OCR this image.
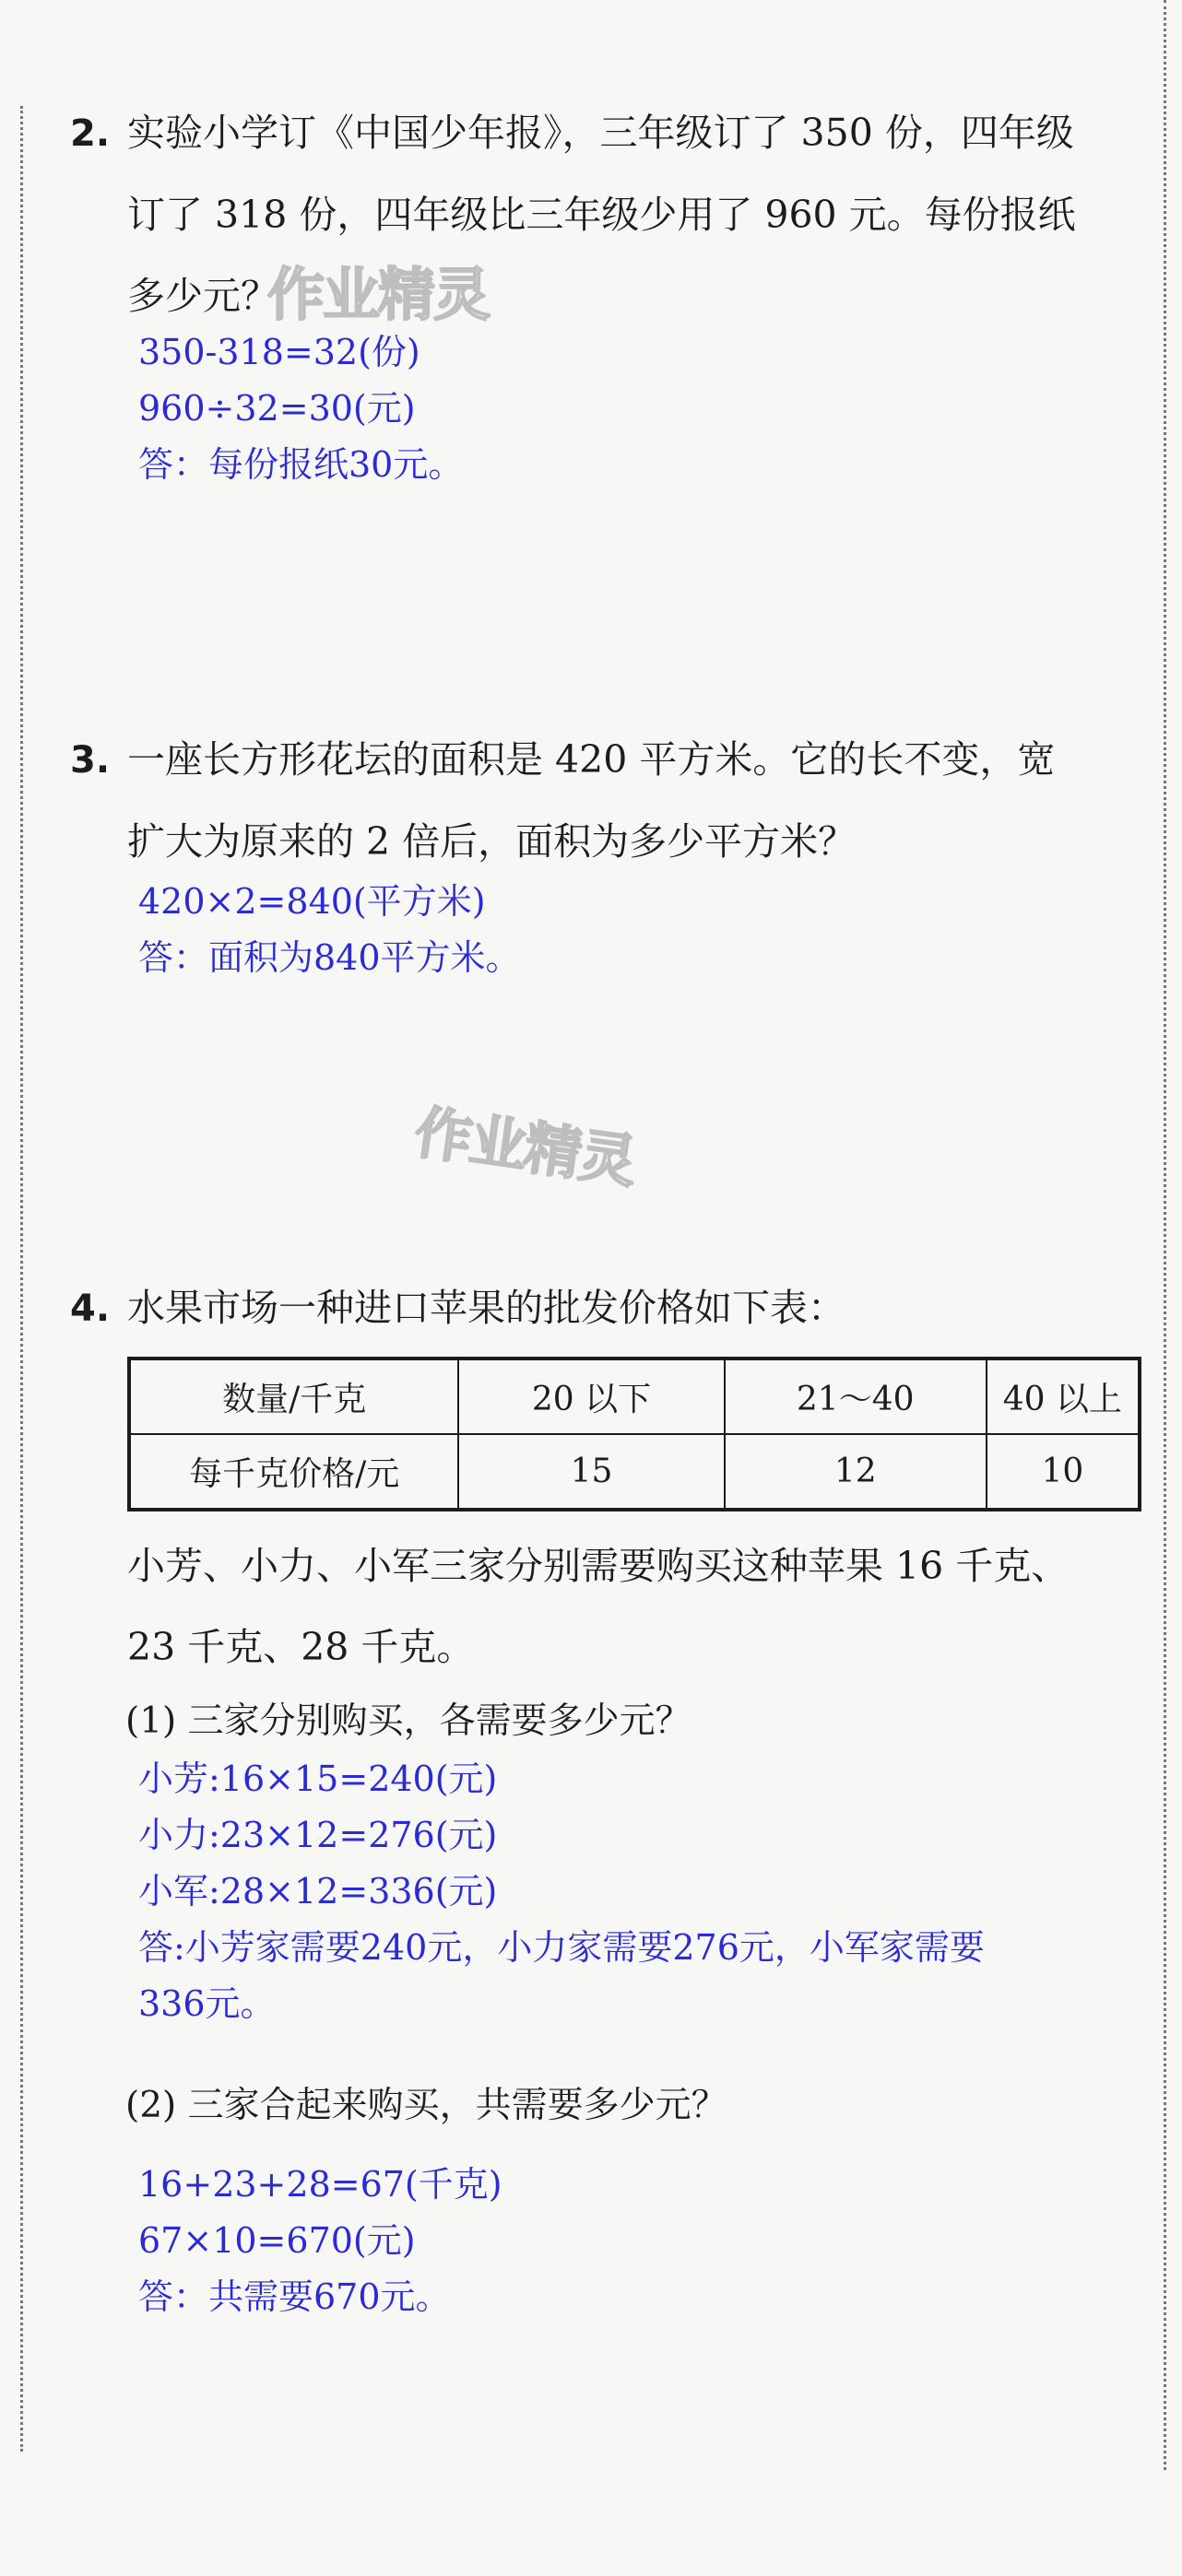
2. 实验小学订《中国少年报》，三年级订了 350 份，四年级
订了 318 份，四年级比三年级少用了 960 元。每份报纸
多少元？
作业精灵
350-318=32(份)
960÷32=30(元)
答：每份报纸30元。
3. 一座长方形花坛的面积是 420 平方米。它的长不变，宽
扩大为原来的 2 倍后，面积为多少平方米？
420×2=840(平方米)
答：面积为840平方米。
作业精灵
4. 水果市场一种进口苹果的批发价格如下表：
数量/千克	20 以下	21～40	40 以上
每千克价格/元	15	12	10
小芳、小力、小军三家分别需要购买这种苹果 16 千克、
23 千克、28 千克。
(1) 三家分别购买，各需要多少元？
小芳:16×15=240(元)
小力:23×12=276(元)
小军:28×12=336(元)
答:小芳家需要240元，小力家需要276元，小军家需要
336元。
(2) 三家合起来购买，共需要多少元？
16+23+28=67(千克)
67×10=670(元)
答：共需要670元。
